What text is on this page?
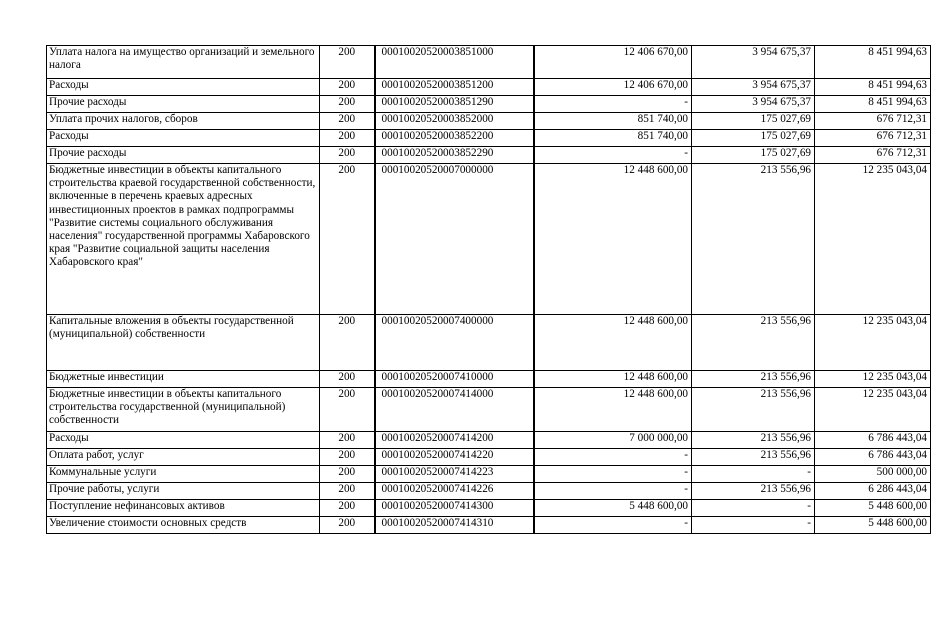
Уплата налога на имущество организаций и земельного налога	200	00010020520003851000	12 406 670,00	3 954 675,37	8 451 994,63
Расходы	200	00010020520003851200	12 406 670,00	3 954 675,37	8 451 994,63
Прочие расходы	200	00010020520003851290	-	3 954 675,37	8 451 994,63
Уплата прочих налогов, сборов	200	00010020520003852000	851 740,00	175 027,69	676 712,31
Расходы	200	00010020520003852200	851 740,00	175 027,69	676 712,31
Прочие расходы	200	00010020520003852290	-	175 027,69	676 712,31
Бюджетные инвестиции в объекты капитального строительства краевой государственной собственности, включенные в перечень краевых адресных инвестиционных проектов в рамках подпрограммы "Развитие системы социального обслуживания населения" государственной программы Хабаровского края "Развитие социальной защиты населения Хабаровского края"	200	00010020520007000000	12 448 600,00	213 556,96	12 235 043,04
Капитальные вложения в объекты государственной (муниципальной) собственности	200	00010020520007400000	12 448 600,00	213 556,96	12 235 043,04
Бюджетные инвестиции	200	00010020520007410000	12 448 600,00	213 556,96	12 235 043,04
Бюджетные инвестиции в объекты капитального строительства государственной (муниципальной) собственности	200	00010020520007414000	12 448 600,00	213 556,96	12 235 043,04
Расходы	200	00010020520007414200	7 000 000,00	213 556,96	6 786 443,04
Оплата работ, услуг	200	00010020520007414220	-	213 556,96	6 786 443,04
Коммунальные услуги	200	00010020520007414223	-	-	500 000,00
Прочие работы, услуги	200	00010020520007414226	-	213 556,96	6 286 443,04
Поступление нефинансовых активов	200	00010020520007414300	5 448 600,00	-	5 448 600,00
Увеличение стоимости основных средств	200	00010020520007414310	-	-	5 448 600,00
